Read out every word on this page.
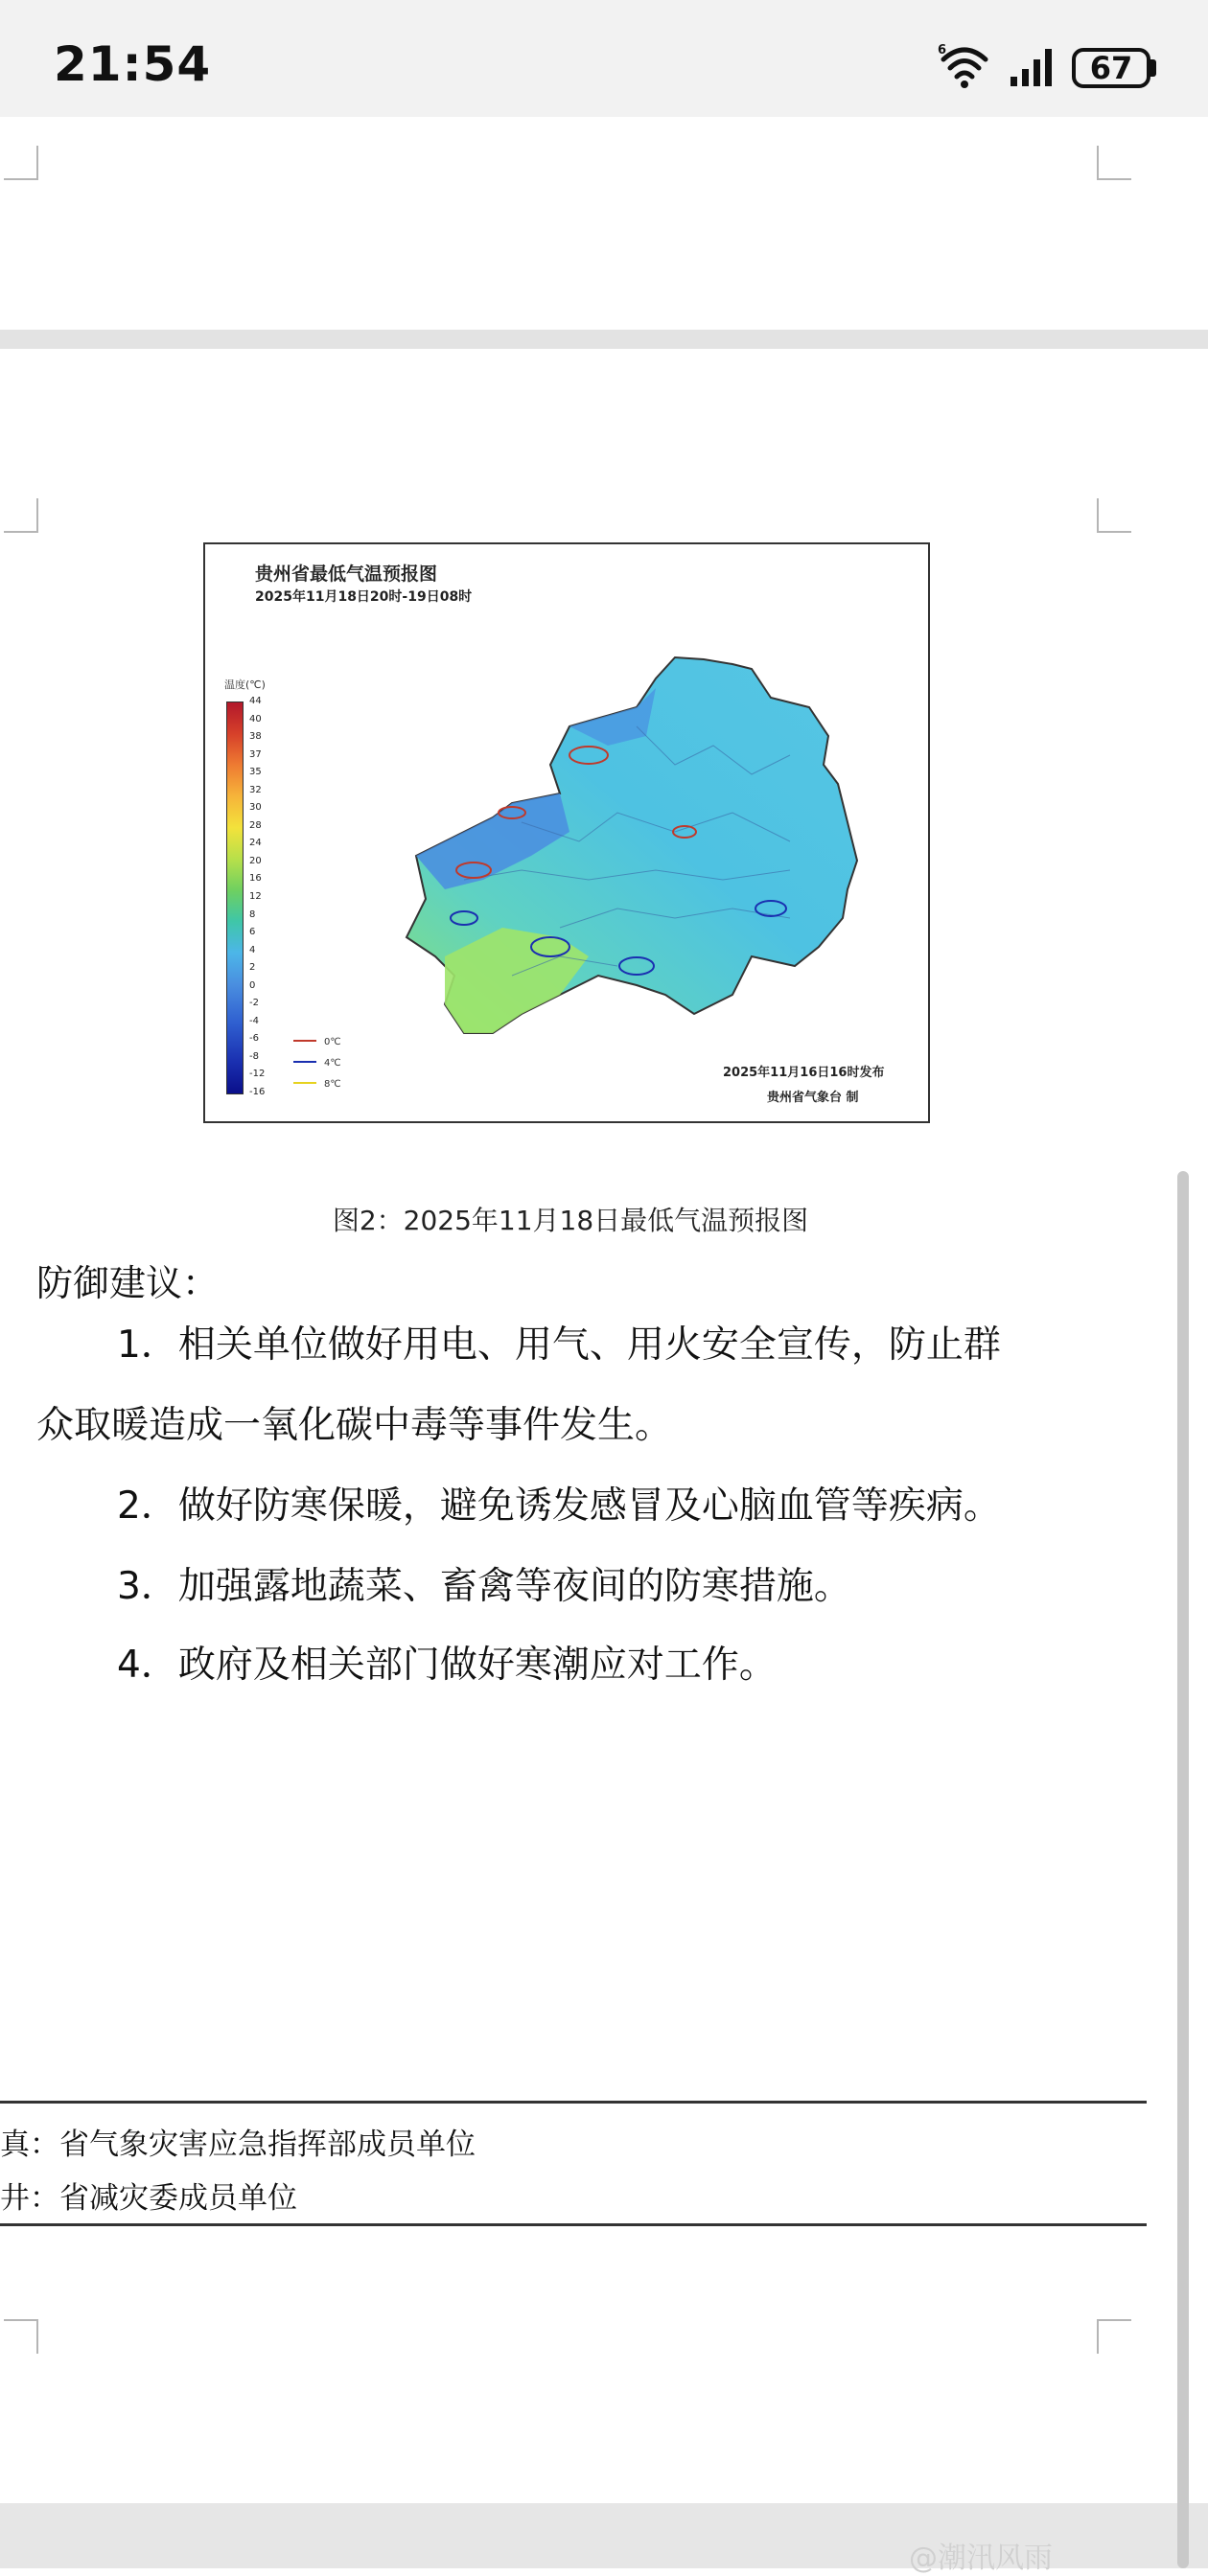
21:54	6	67
贵州省最低气温预报图
2025年11月18日20时-19日08时
温度(℃)
0℃
4℃
8℃
2025年11月16日16时发布
贵州省气象台 制
44
40
38
37
35
32
30
28
24
20
16
12
8
6
4
2
0
-2
-4
-6
-8
-12
-16
图2：2025年11月18日最低气温预报图
防御建议：
1．相关单位做好用电、用气、用火安全宣传，防止群
众取暖造成一氧化碳中毒等事件发生。
2．做好防寒保暖，避免诱发感冒及心脑血管等疾病。
3．加强露地蔬菜、畜禽等夜间的防寒措施。
4．政府及相关部门做好寒潮应对工作。
真：省气象灾害应急指挥部成员单位
井：省减灾委成员单位
@潮汛风雨
